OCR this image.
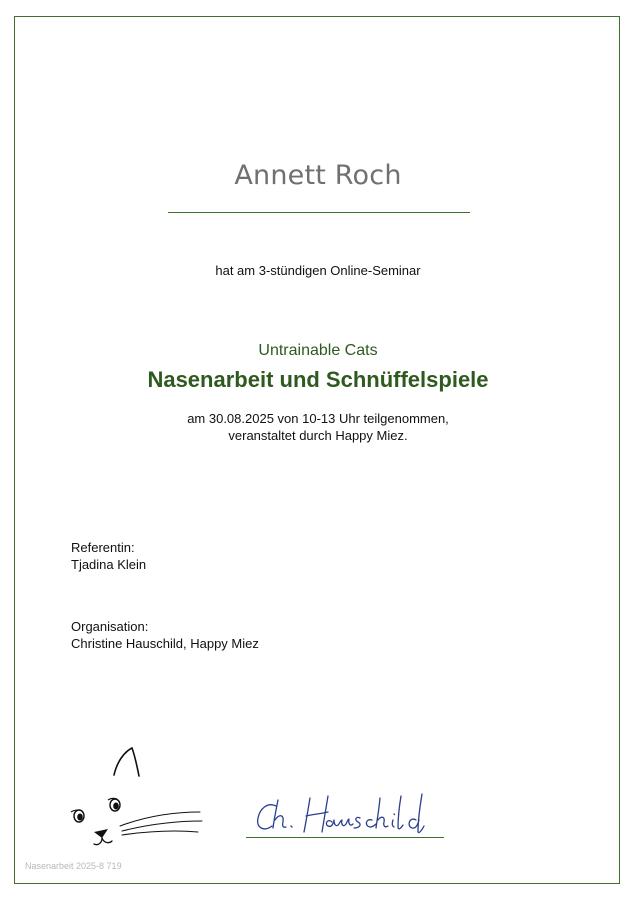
Annett Roch
hat am 3-stündigen Online-Seminar
Untrainable Cats
Nasenarbeit und Schnüffelspiele
am 30.08.2025 von 10-13 Uhr teilgenommen,
veranstaltet durch Happy Miez.
Referentin:
Tjadina Klein
Organisation:
Christine Hauschild, Happy Miez
Nasenarbeit 2025-8 719
